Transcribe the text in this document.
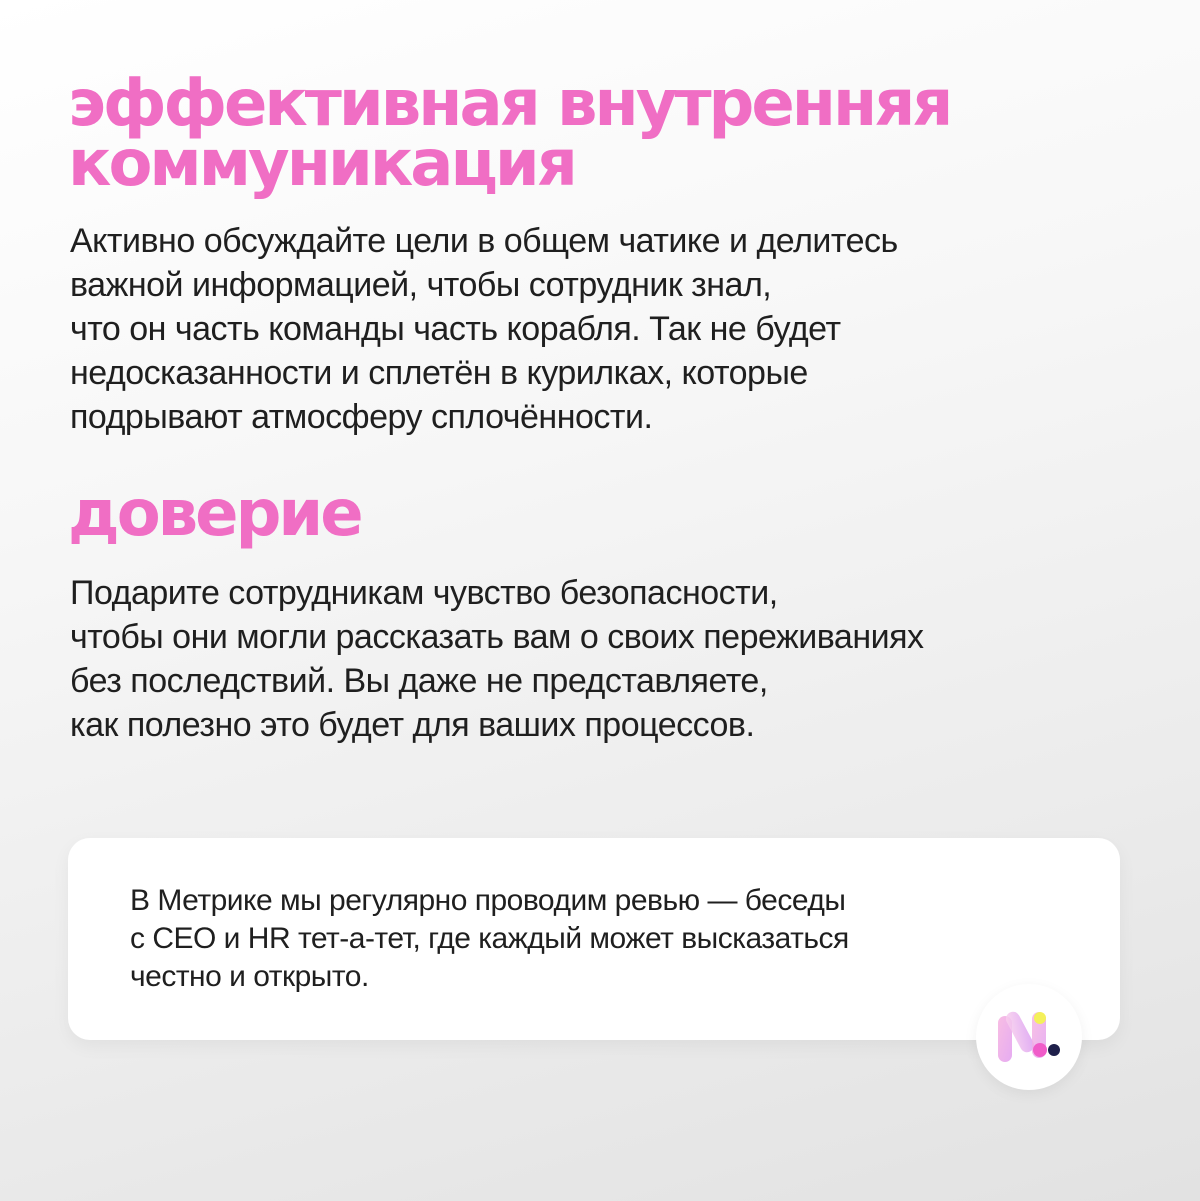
эффективная внутренняя
коммуникация

Активно обсуждайте цели в общем чатике и делитесь
важной информацией, чтобы сотрудник знал,
что он часть команды часть корабля. Так не будет
недосказанности и сплетён в курилках, которые
подрывают атмосферу сплочённости.

доверие

Подарите сотрудникам чувство безопасности,
чтобы они могли рассказать вам о своих переживаниях
без последствий. Вы даже не представляете,
как полезно это будет для ваших процессов.

В Метрике мы регулярно проводим ревью — беседы
с CEO и HR тет-а-тет, где каждый может высказаться
честно и открыто.
